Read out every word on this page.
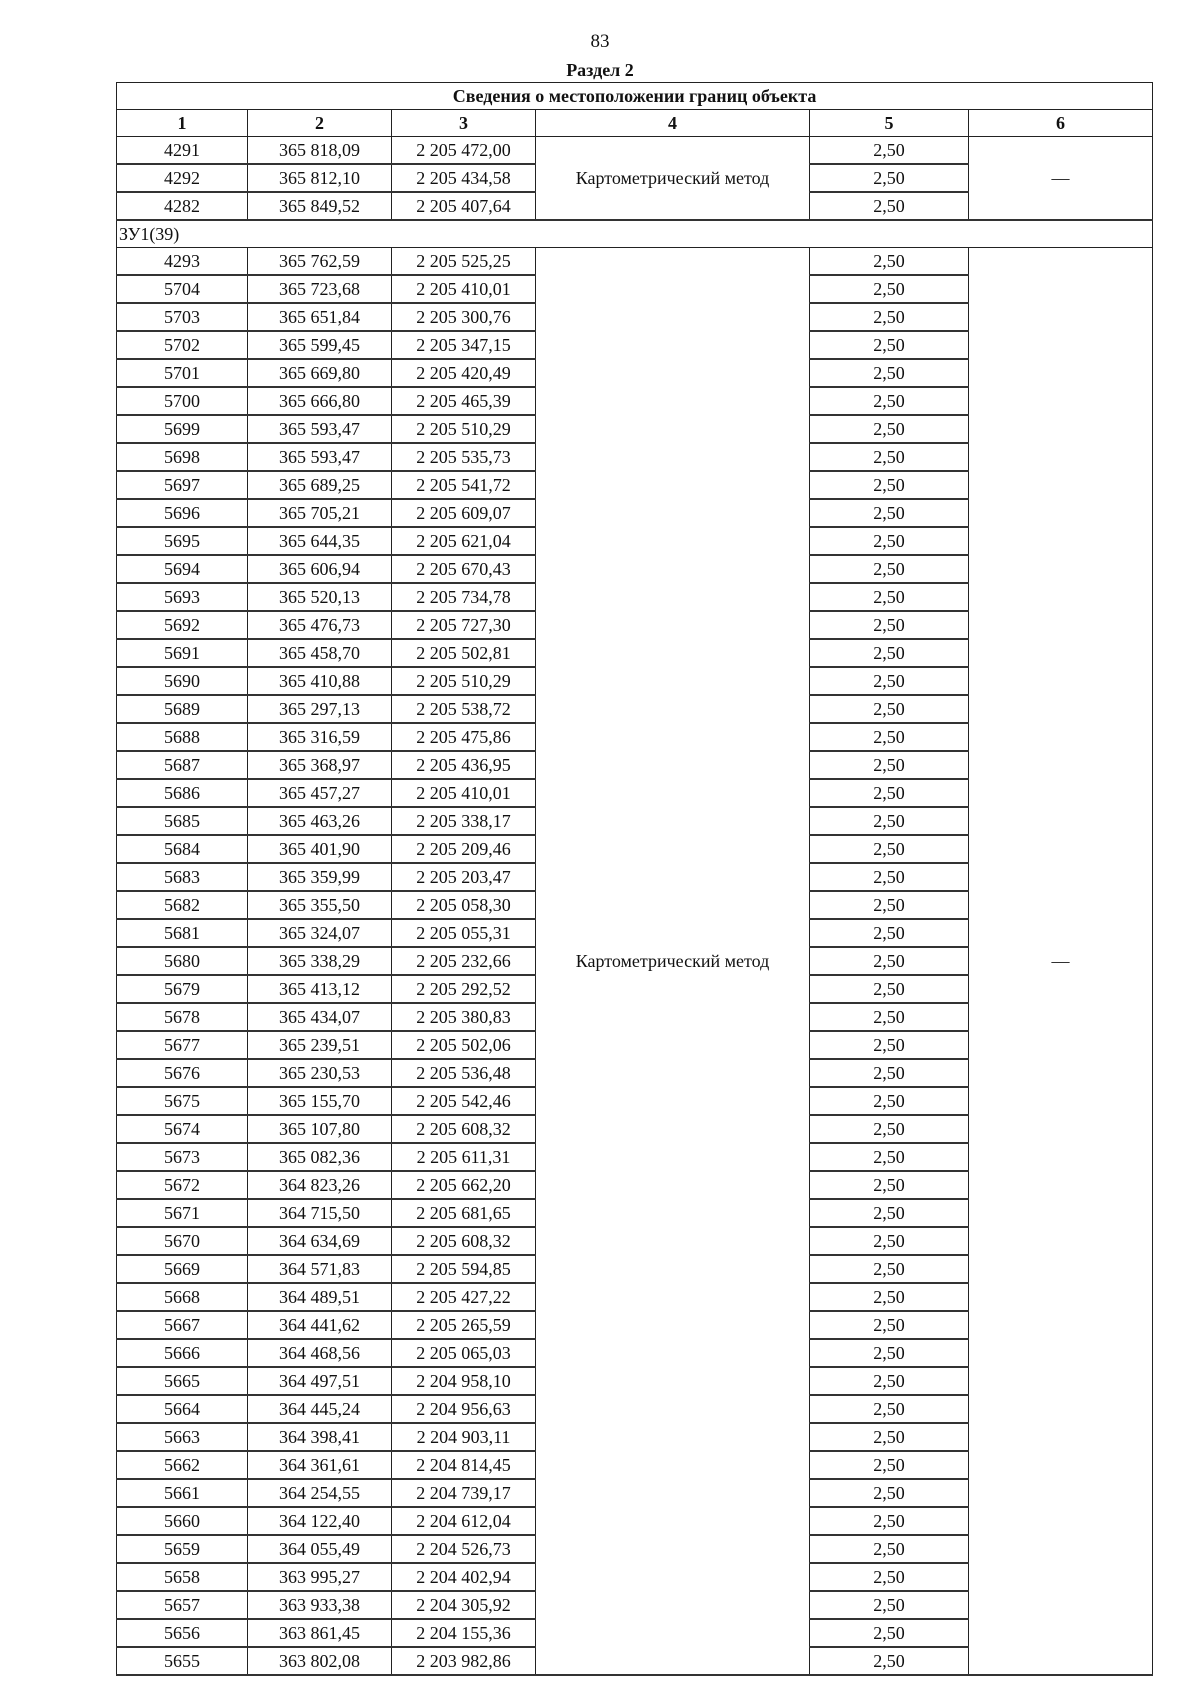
83
Раздел 2
Сведения о местоположении границ объекта					
1	2	3	4	5	6
4291	365 818,09	2 205 472,00	Картометрический метод	2,50	—
4292	365 812,10	2 205 434,58		2,50	
4282	365 849,52	2 205 407,64		2,50	
ЗУ1(39)					
4293	365 762,59	2 205 525,25	Картометрический метод	2,50	—
5704	365 723,68	2 205 410,01		2,50	
5703	365 651,84	2 205 300,76		2,50	
5702	365 599,45	2 205 347,15		2,50	
5701	365 669,80	2 205 420,49		2,50	
5700	365 666,80	2 205 465,39		2,50	
5699	365 593,47	2 205 510,29		2,50	
5698	365 593,47	2 205 535,73		2,50	
5697	365 689,25	2 205 541,72		2,50	
5696	365 705,21	2 205 609,07		2,50	
5695	365 644,35	2 205 621,04		2,50	
5694	365 606,94	2 205 670,43		2,50	
5693	365 520,13	2 205 734,78		2,50	
5692	365 476,73	2 205 727,30		2,50	
5691	365 458,70	2 205 502,81		2,50	
5690	365 410,88	2 205 510,29		2,50	
5689	365 297,13	2 205 538,72		2,50	
5688	365 316,59	2 205 475,86		2,50	
5687	365 368,97	2 205 436,95		2,50	
5686	365 457,27	2 205 410,01		2,50	
5685	365 463,26	2 205 338,17		2,50	
5684	365 401,90	2 205 209,46		2,50	
5683	365 359,99	2 205 203,47		2,50	
5682	365 355,50	2 205 058,30		2,50	
5681	365 324,07	2 205 055,31		2,50	
5680	365 338,29	2 205 232,66		2,50	
5679	365 413,12	2 205 292,52		2,50	
5678	365 434,07	2 205 380,83		2,50	
5677	365 239,51	2 205 502,06		2,50	
5676	365 230,53	2 205 536,48		2,50	
5675	365 155,70	2 205 542,46		2,50	
5674	365 107,80	2 205 608,32		2,50	
5673	365 082,36	2 205 611,31		2,50	
5672	364 823,26	2 205 662,20		2,50	
5671	364 715,50	2 205 681,65		2,50	
5670	364 634,69	2 205 608,32		2,50	
5669	364 571,83	2 205 594,85		2,50	
5668	364 489,51	2 205 427,22		2,50	
5667	364 441,62	2 205 265,59		2,50	
5666	364 468,56	2 205 065,03		2,50	
5665	364 497,51	2 204 958,10		2,50	
5664	364 445,24	2 204 956,63		2,50	
5663	364 398,41	2 204 903,11		2,50	
5662	364 361,61	2 204 814,45		2,50	
5661	364 254,55	2 204 739,17		2,50	
5660	364 122,40	2 204 612,04		2,50	
5659	364 055,49	2 204 526,73		2,50	
5658	363 995,27	2 204 402,94		2,50	
5657	363 933,38	2 204 305,92		2,50	
5656	363 861,45	2 204 155,36		2,50	
5655	363 802,08	2 203 982,86		2,50	
